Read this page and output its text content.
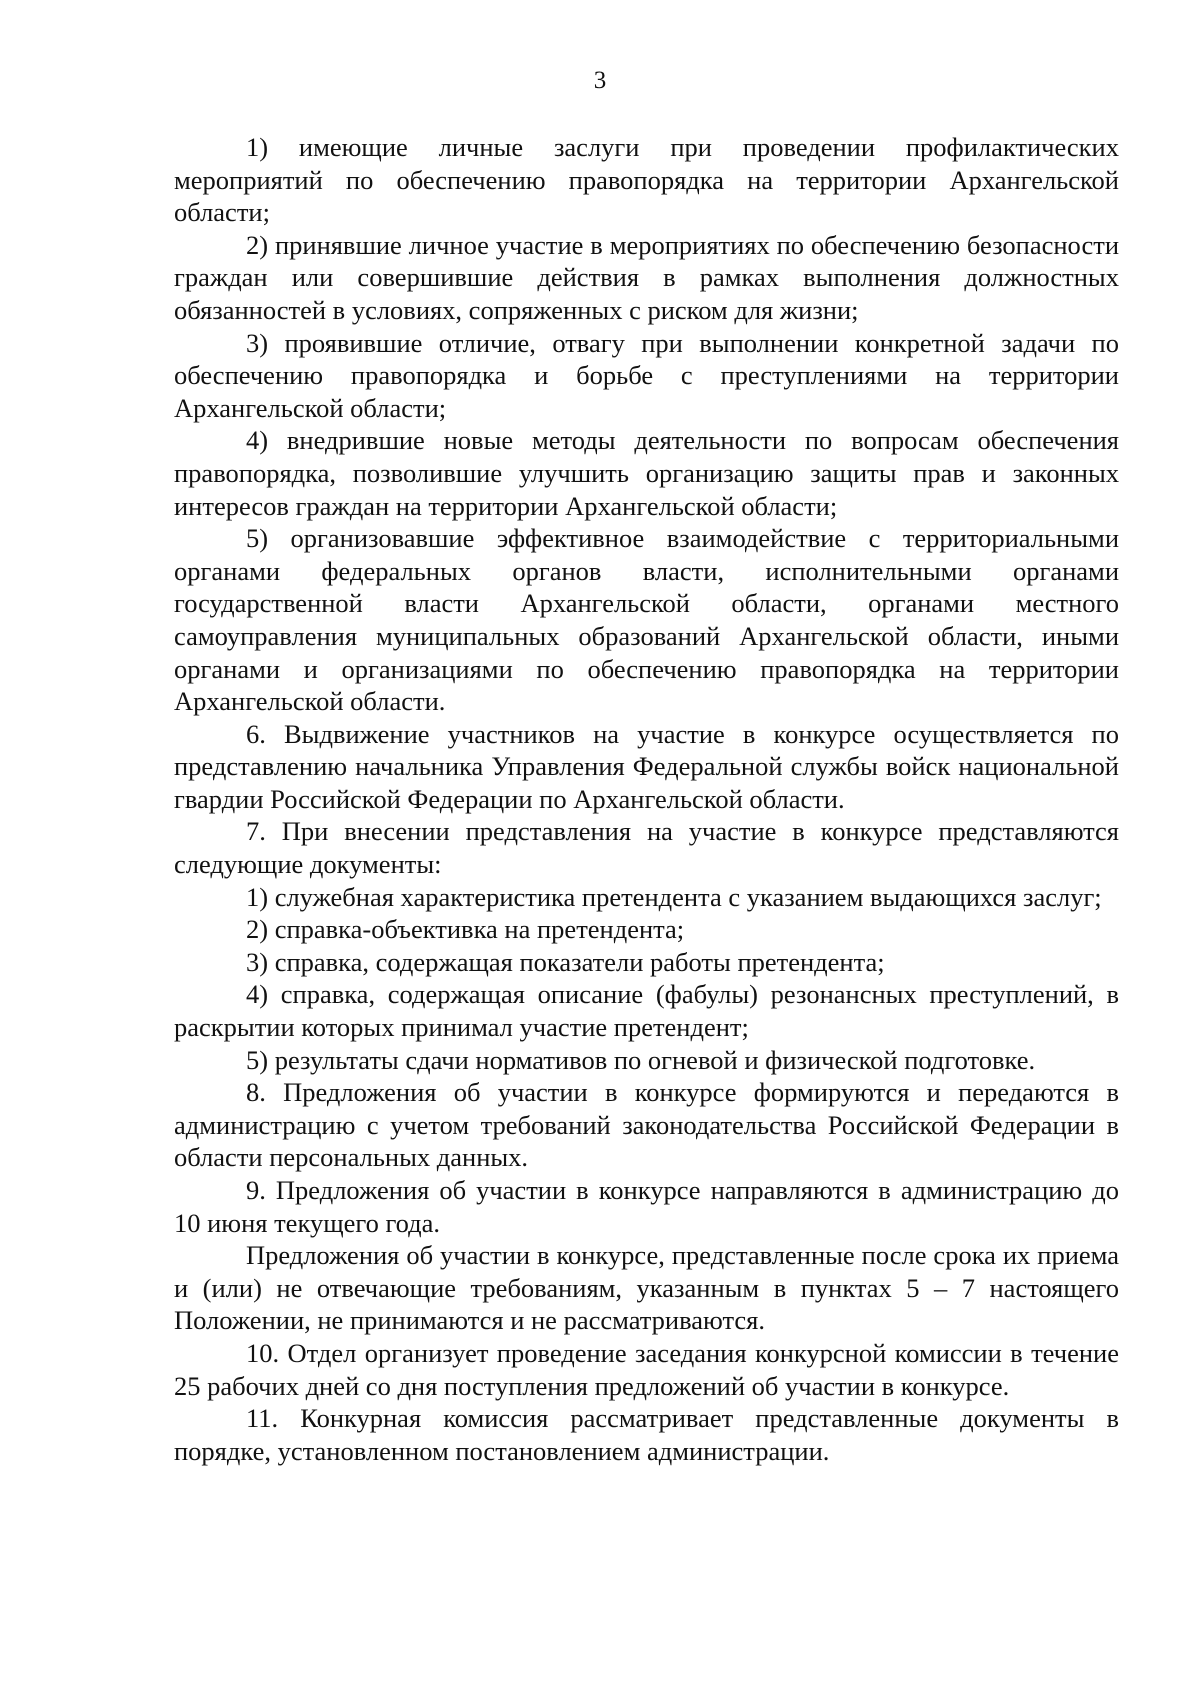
3

1) имеющие личные заслуги при проведении профилактических мероприятий по обеспечению правопорядка на территории Архангельской области;

2) принявшие личное участие в мероприятиях по обеспечению безопасности граждан или совершившие действия в рамках выполнения должностных обязанностей в условиях, сопряженных с риском для жизни;

3) проявившие отличие, отвагу при выполнении конкретной задачи по обеспечению правопорядка и борьбе с преступлениями на территории Архангельской области;

4) внедрившие новые методы деятельности по вопросам обеспечения правопорядка, позволившие улучшить организацию защиты прав и законных интересов граждан на территории Архангельской области;

5) организовавшие эффективное взаимодействие с территориальными органами федеральных органов власти, исполнительными органами государственной власти Архангельской области, органами местного самоуправления муниципальных образований Архангельской области, иными органами и организациями по обеспечению правопорядка на территории Архангельской области.

6. Выдвижение участников на участие в конкурсе осуществляется по представлению начальника Управления Федеральной службы войск национальной гвардии Российской Федерации по Архангельской области.

7. При внесении представления на участие в конкурсе представляются следующие документы:

1) служебная характеристика претендента с указанием выдающихся заслуг;

2) справка-объективка на претендента;

3) справка, содержащая показатели работы претендента;

4) справка, содержащая описание (фабулы) резонансных преступлений, в раскрытии которых принимал участие претендент;

5) результаты сдачи нормативов по огневой и физической подготовке.

8. Предложения об участии в конкурсе формируются и передаются в администрацию с учетом требований законодательства Российской Федерации в области персональных данных.

9. Предложения об участии в конкурсе направляются в администрацию до 10 июня текущего года.

Предложения об участии в конкурсе, представленные после срока их приема и (или) не отвечающие требованиям, указанным в пунктах 5 – 7 настоящего Положении, не принимаются и не рассматриваются.

10. Отдел организует проведение заседания конкурсной комиссии в течение 25 рабочих дней со дня поступления предложений об участии в конкурсе.

11. Конкурная комиссия рассматривает представленные документы в порядке, установленном постановлением администрации.
